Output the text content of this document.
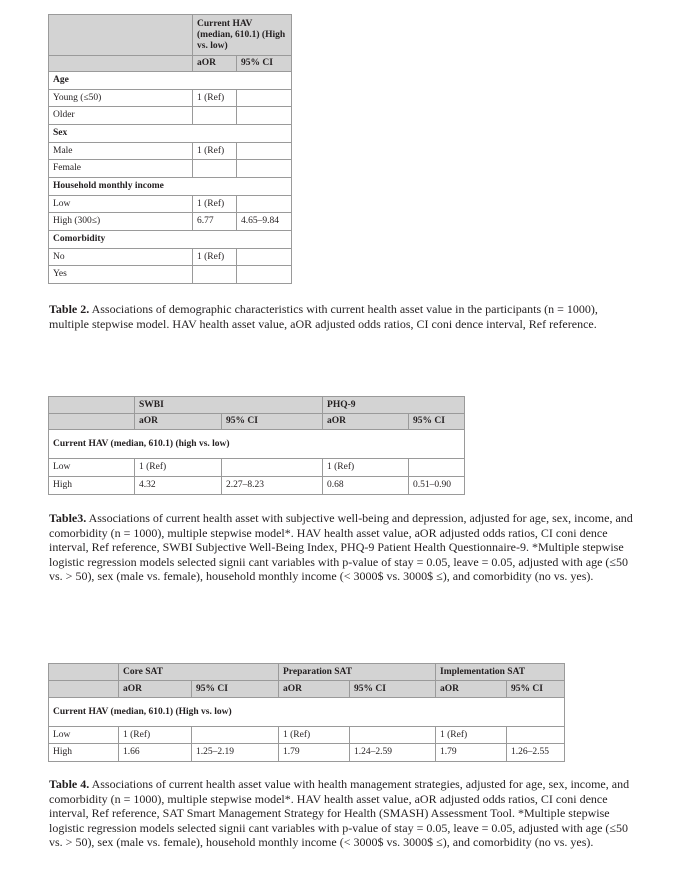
	Current HAV (median, 610.1) (High vs. low)	
	aOR	95% CI
Age		
Young (≤50)	1 (Ref)	
Older		
Sex		
Male	1 (Ref)	
Female		
Household monthly income		
Low	1 (Ref)	
High (300≤)	6.77	4.65–9.84
Comorbidity		
No	1 (Ref)	
Yes		

Table 2. Associations of demographic characteristics with current health asset value in the participants (n = 1000), multiple stepwise model. HAV health asset value, aOR adjusted odds ratios, CI coni dence interval, Ref reference.

	SWBI		PHQ-9	
	aOR	95% CI	aOR	95% CI
Current HAV (median, 610.1) (high vs. low)				
Low	1 (Ref)		1 (Ref)	
High	4.32	2.27–8.23	0.68	0.51–0.90

Table3. Associations of current health asset with subjective well-being and depression, adjusted for age, sex, income, and comorbidity (n = 1000), multiple stepwise model*. HAV health asset value, aOR adjusted odds ratios, CI coni dence interval, Ref reference, SWBI Subjective Well-Being Index, PHQ-9 Patient Health Questionnaire-9. *Multiple stepwise logistic regression models selected signii cant variables with p-value of stay = 0.05, leave = 0.05, adjusted with age (≤50 vs. > 50), sex (male vs. female), household monthly income (< 3000$ vs. 3000$ ≤), and comorbidity (no vs. yes).

	Core SAT		Preparation SAT		Implementation SAT	
	aOR	95% CI	aOR	95% CI	aOR	95% CI
Current HAV (median, 610.1) (High vs. low)						
Low	1 (Ref)		1 (Ref)		1 (Ref)	
High	1.66	1.25–2.19	1.79	1.24–2.59	1.79	1.26–2.55

Table 4. Associations of current health asset value with health management strategies, adjusted for age, sex, income, and comorbidity (n = 1000), multiple stepwise model*. HAV health asset value, aOR adjusted odds ratios, CI coni dence interval, Ref reference, SAT Smart Management Strategy for Health (SMASH) Assessment Tool. *Multiple stepwise logistic regression models selected signii cant variables with p-value of stay = 0.05, leave = 0.05, adjusted with age (≤50 vs. > 50), sex (male vs. female), household monthly income (< 3000$ vs. 3000$ ≤), and comorbidity (no vs. yes).
